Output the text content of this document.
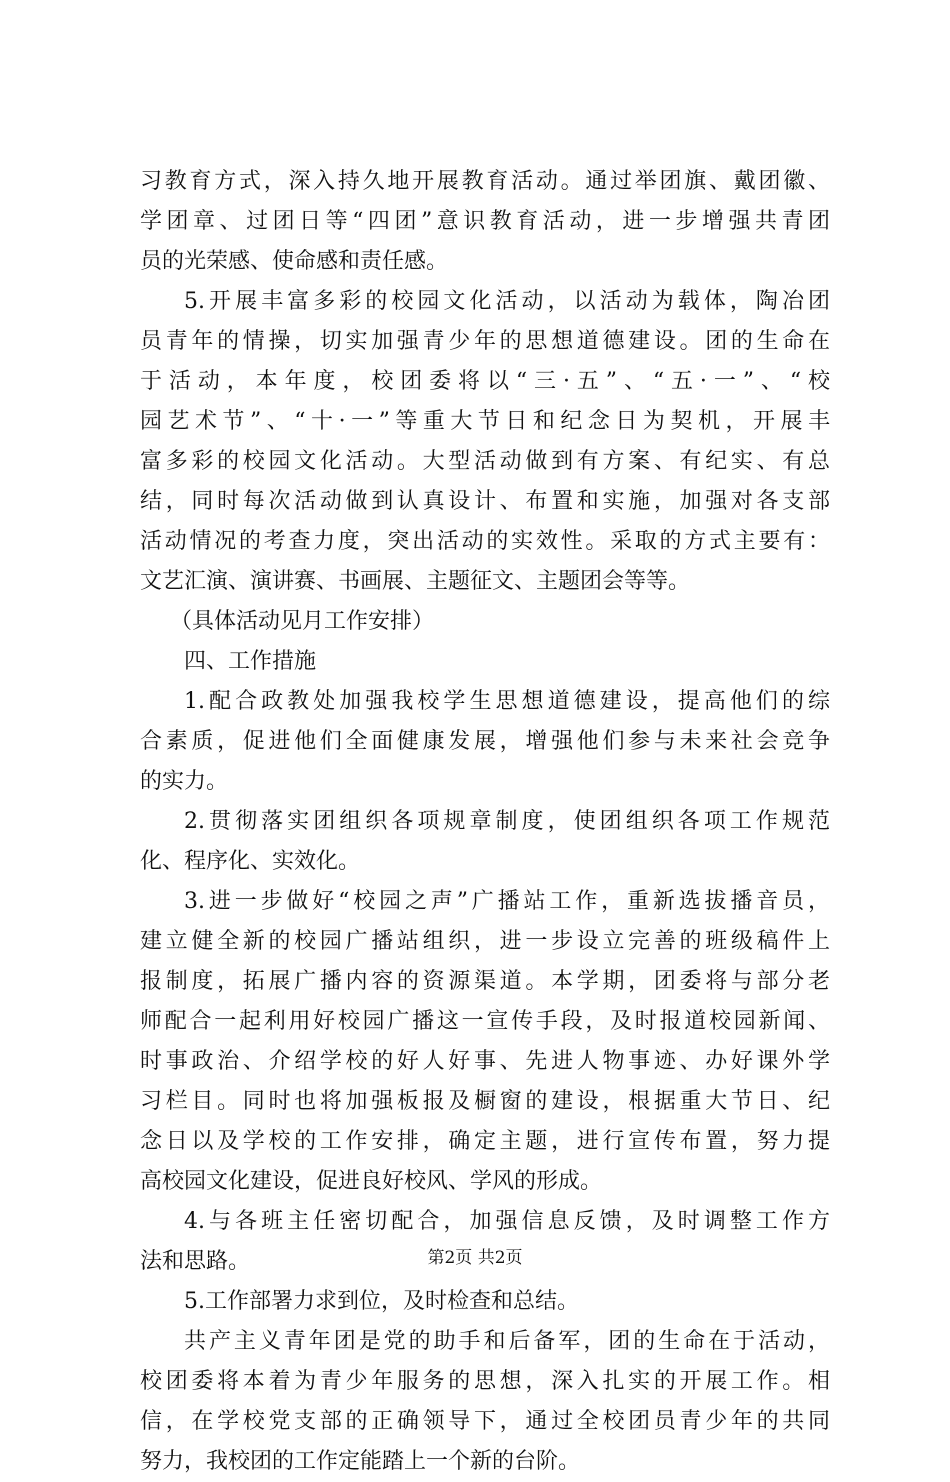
习教育方式，深入持久地开展教育活动。通过举团旗、戴团徽、
学团章、过团日等“四团”意识教育活动，进一步增强共青团
员的光荣感、使命感和责任感。
5.开展丰富多彩的校园文化活动，以活动为载体，陶冶团
员青年的情操，切实加强青少年的思想道德建设。团的生命在
于活动，本年度，校团委将以“三·五”、“五·一”、“校
园艺术节”、“十·一”等重大节日和纪念日为契机，开展丰
富多彩的校园文化活动。大型活动做到有方案、有纪实、有总
结，同时每次活动做到认真设计、布置和实施，加强对各支部
活动情况的考查力度，突出活动的实效性。采取的方式主要有：
文艺汇演、演讲赛、书画展、主题征文、主题团会等等。
（具体活动见月工作安排）
四、工作措施
1.配合政教处加强我校学生思想道德建设，提高他们的综
合素质，促进他们全面健康发展，增强他们参与未来社会竞争
的实力。
2.贯彻落实团组织各项规章制度，使团组织各项工作规范
化、程序化、实效化。
3.进一步做好“校园之声”广播站工作，重新选拔播音员，
建立健全新的校园广播站组织，进一步设立完善的班级稿件上
报制度，拓展广播内容的资源渠道。本学期，团委将与部分老
师配合一起利用好校园广播这一宣传手段，及时报道校园新闻、
时事政治、介绍学校的好人好事、先进人物事迹、办好课外学
习栏目。同时也将加强板报及橱窗的建设，根据重大节日、纪
念日以及学校的工作安排，确定主题，进行宣传布置，努力提
高校园文化建设，促进良好校风、学风的形成。
4.与各班主任密切配合，加强信息反馈，及时调整工作方
法和思路。
5.工作部署力求到位，及时检查和总结。
共产主义青年团是党的助手和后备军，团的生命在于活动，
校团委将本着为青少年服务的思想，深入扎实的开展工作。相
信，在学校党支部的正确领导下，通过全校团员青少年的共同
努力，我校团的工作定能踏上一个新的台阶。
第2页 共2页
